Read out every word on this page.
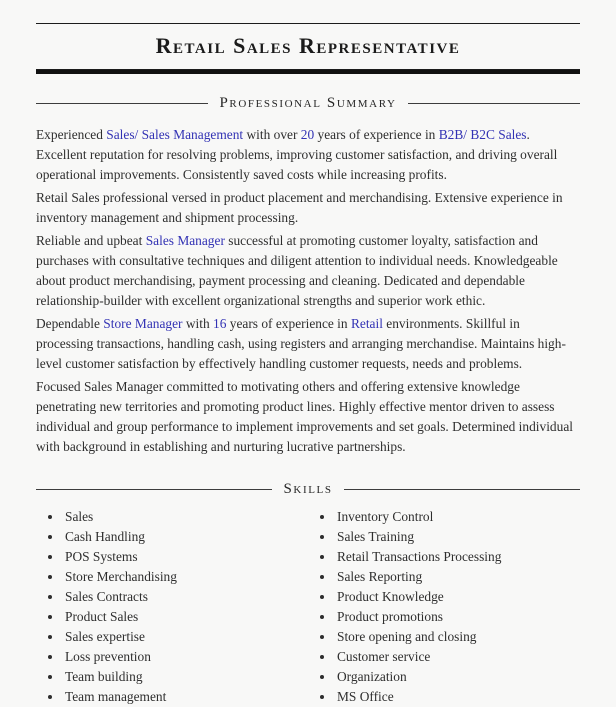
Retail Sales Representative
Professional Summary

Experienced Sales/ Sales Management with over 20 years of experience in B2B/ B2C Sales. Excellent reputation for resolving problems, improving customer satisfaction, and driving overall operational improvements. Consistently saved costs while increasing profits.

Retail Sales professional versed in product placement and merchandising. Extensive experience in inventory management and shipment processing.

Reliable and upbeat Sales Manager successful at promoting customer loyalty, satisfaction and purchases with consultative techniques and diligent attention to individual needs. Knowledgeable about product merchandising, payment processing and cleaning. Dedicated and dependable relationship-builder with excellent organizational strengths and superior work ethic.

Dependable Store Manager with 16 years of experience in Retail environments. Skillful in processing transactions, handling cash, using registers and arranging merchandise. Maintains high-level customer satisfaction by effectively handling customer requests, needs and problems.

Focused Sales Manager committed to motivating others and offering extensive knowledge penetrating new territories and promoting product lines. Highly effective mentor driven to assess individual and group performance to implement improvements and set goals. Determined individual with background in establishing and nurturing lucrative partnerships.

Skills
• Sales
• Cash Handling
• POS Systems
• Store Merchandising
• Sales Contracts
• Product Sales
• Sales expertise
• Loss prevention
• Team building
• Team management
• Inventory Control
• Sales Training
• Retail Transactions Processing
• Sales Reporting
• Product Knowledge
• Product promotions
• Store opening and closing
• Customer service
• Organization
• MS Office
